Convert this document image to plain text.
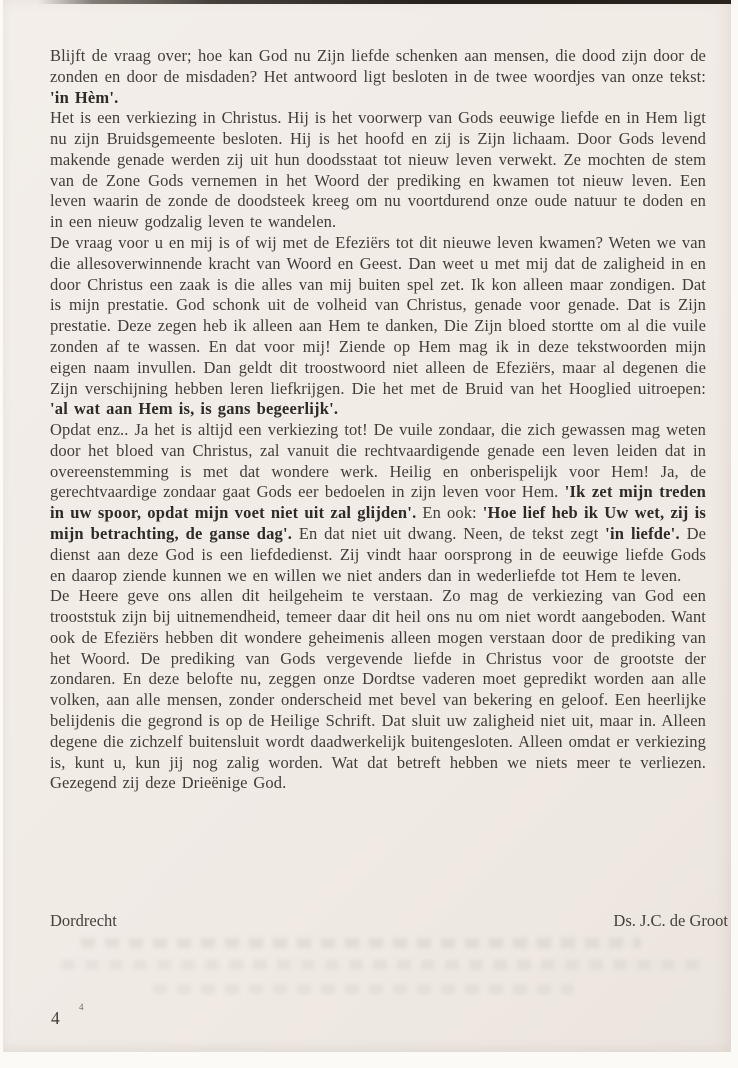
Blijft de vraag over; hoe kan God nu Zijn liefde schenken aan mensen, die dood zijn door de zonden en door de misdaden? Het antwoord ligt besloten in de twee woordjes van onze tekst: 'in Hèm'.

Het is een verkiezing in Christus. Hij is het voorwerp van Gods eeuwige liefde en in Hem ligt nu zijn Bruidsgemeente besloten. Hij is het hoofd en zij is Zijn lichaam. Door Gods levend makende genade werden zij uit hun doodsstaat tot nieuw leven verwekt. Ze mochten de stem van de Zone Gods vernemen in het Woord der prediking en kwamen tot nieuw leven. Een leven waarin de zonde de doodsteek kreeg om nu voortdurend onze oude natuur te doden en in een nieuw godzalig leven te wandelen.

De vraag voor u en mij is of wij met de Efeziërs tot dit nieuwe leven kwamen? Weten we van die allesoverwinnende kracht van Woord en Geest. Dan weet u met mij dat de zaligheid in en door Christus een zaak is die alles van mij buiten spel zet. Ik kon alleen maar zondigen. Dat is mijn prestatie. God schonk uit de volheid van Christus, genade voor genade. Dat is Zijn prestatie. Deze zegen heb ik alleen aan Hem te danken, Die Zijn bloed stortte om al die vuile zonden af te wassen. En dat voor mij! Ziende op Hem mag ik in deze tekstwoorden mijn eigen naam invullen. Dan geldt dit troostwoord niet alleen de Efeziërs, maar al degenen die Zijn verschijning hebben leren liefkrijgen. Die het met de Bruid van het Hooglied uitroepen: 'al wat aan Hem is, is gans begeerlijk'.

Opdat enz.. Ja het is altijd een verkiezing tot! De vuile zondaar, die zich gewassen mag weten door het bloed van Christus, zal vanuit die rechtvaardigende genade een leven leiden dat in overeenstemming is met dat wondere werk. Heilig en onberispelijk voor Hem! Ja, de gerechtvaardige zondaar gaat Gods eer bedoelen in zijn leven voor Hem. 'Ik zet mijn treden in uw spoor, opdat mijn voet niet uit zal glijden'. En ook: 'Hoe lief heb ik Uw wet, zij is mijn betrachting, de ganse dag'. En dat niet uit dwang. Neen, de tekst zegt 'in liefde'. De dienst aan deze God is een liefdedienst. Zij vindt haar oorsprong in de eeuwige liefde Gods en daarop ziende kunnen we en willen we niet anders dan in wederliefde tot Hem te leven.

De Heere geve ons allen dit heilgeheim te verstaan. Zo mag de verkiezing van God een trooststuk zijn bij uitnemendheid, temeer daar dit heil ons nu om niet wordt aangeboden. Want ook de Efeziërs hebben dit wondere geheimenis alleen mogen verstaan door de prediking van het Woord. De prediking van Gods vergevende liefde in Christus voor de grootste der zondaren. En deze belofte nu, zeggen onze Dordtse vaderen moet gepredikt worden aan alle volken, aan alle mensen, zonder onderscheid met bevel van bekering en geloof. Een heerlijke belijdenis die gegrond is op de Heilige Schrift. Dat sluit uw zaligheid niet uit, maar in. Alleen degene die zichzelf buitensluit wordt daadwerkelijk buitengesloten. Alleen omdat er verkiezing is, kunt u, kun jij nog zalig worden. Wat dat betreft hebben we niets meer te verliezen. Gezegend zij deze Drieënige God.

Dordrecht	Ds. J.C. de Groot
4
4
